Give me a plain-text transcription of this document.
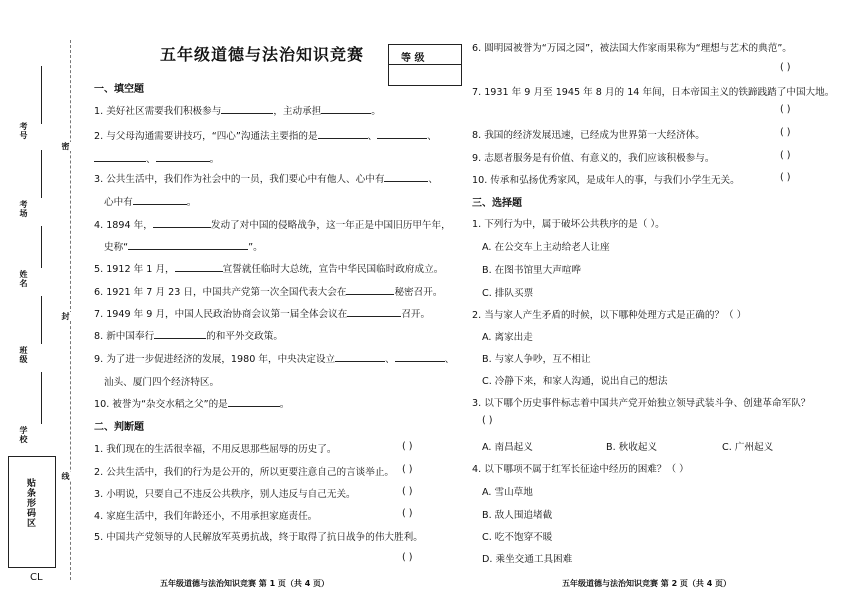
考号
考场
姓名
班级
学校
密
封
线
贴条形码区
CL
五年级道德与法治知识竞赛	等 级
一、填空题
1. 美好社区需要我们积极参与	，主动承担	。
2. 与父母沟通需要讲技巧，“四心”沟通法主要指的是	、	、
、	。
3. 公共生活中，我们作为社会中的一员，我们要心中有他人、心中有	、
心中有	。
4. 1894 年，	发动了对中国的侵略战争，这一年正是中国旧历甲午年，
史称“	”。
5. 1912 年 1 月，	宣誓就任临时大总统，宣告中华民国临时政府成立。
6. 1921 年 7 月 23 日，中国共产党第一次全国代表大会在	秘密召开。
7. 1949 年 9 月，中国人民政治协商会议第一届全体会议在	召开。
8. 新中国奉行	的和平外交政策。
9. 为了进一步促进经济的发展，1980 年，中央决定设立	、	、
汕头、厦门四个经济特区。
10. 被誉为“杂交水稻之父”的是	。
二、判断题
1. 我们现在的生活很幸福，不用反思那些屈辱的历史了。	( )
2. 公共生活中，我们的行为是公开的，所以更要注意自己的言谈举止。 ( )
3. 小明说，只要自己不违反公共秩序，别人违反与自己无关。	( )
4. 家庭生活中，我们年龄还小，不用承担家庭责任。	( )
5. 中国共产党领导的人民解放军英勇抗战，终于取得了抗日战争的伟大胜利。
( )
五年级道德与法治知识竞赛 第 1 页（共 4 页）
6. 圆明园被誉为“万园之园”，被法国大作家雨果称为“理想与艺术的典范”。
( )
7. 1931 年 9 月至 1945 年 8 月的 14 年间，日本帝国主义的铁蹄践踏了中国大地。
( )
8. 我国的经济发展迅速，已经成为世界第一大经济体。	( )
9. 志愿者服务是有价值、有意义的，我们应该积极参与。	( )
10. 传承和弘扬优秀家风，是成年人的事，与我们小学生无关。	( )
三、选择题
1. 下列行为中，属于破坏公共秩序的是（ ）。
A. 在公交车上主动给老人让座
B. 在图书馆里大声喧哗
C. 排队买票
2. 当与家人产生矛盾的时候，以下哪种处理方式是正确的？（ ）
A. 离家出走
B. 与家人争吵，互不相让
C. 冷静下来，和家人沟通，说出自己的想法
3. 以下哪个历史事件标志着中国共产党开始独立领导武装斗争、创建革命军队？
( )
A. 南昌起义	B. 秋收起义	C. 广州起义
4. 以下哪项不属于红军长征途中经历的困难？（ ）
A. 雪山草地
B. 敌人围追堵截
C. 吃不饱穿不暖
D. 乘坐交通工具困难
五年级道德与法治知识竞赛 第 2 页（共 4 页）
